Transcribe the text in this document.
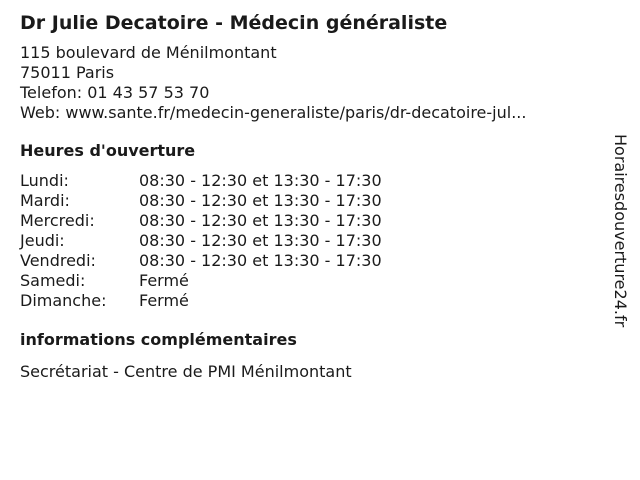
Dr Julie Decatoire - Médecin généraliste
115 boulevard de Ménilmontant
75011 Paris
Telefon: 01 43 57 53 70
Web: www.sante.fr/medecin-generaliste/paris/dr-decatoire-jul...
Heures d'ouverture
Lundi:	08:30 - 12:30 et 13:30 - 17:30
Mardi:	08:30 - 12:30 et 13:30 - 17:30
Mercredi:	08:30 - 12:30 et 13:30 - 17:30
Jeudi:	08:30 - 12:30 et 13:30 - 17:30
Vendredi:	08:30 - 12:30 et 13:30 - 17:30
Samedi:	Fermé
Dimanche:	Fermé
informations complémentaires
Secrétariat - Centre de PMI Ménilmontant
Horairesdouverture24.fr
